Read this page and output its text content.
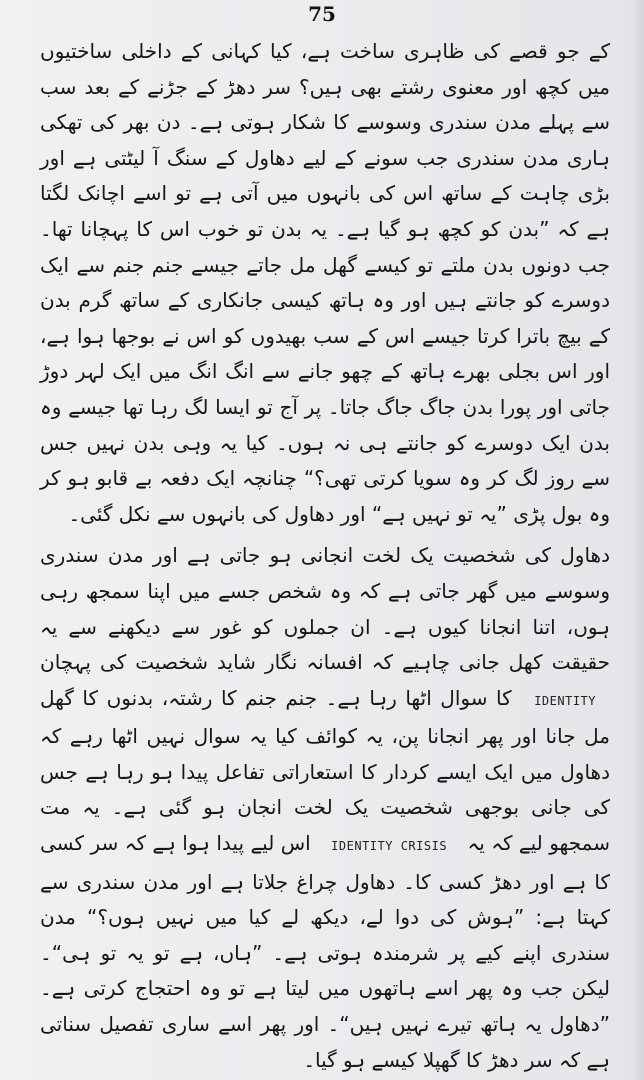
75

کے جو قصے کی ظاہری ساخت ہے، کیا کہانی کے داخلی ساختیوں میں کچھ اور معنوی رشتے بھی ہیں؟ سر دھڑ کے جڑنے کے بعد سب سے پہلے مدن سندری وسوسے کا شکار ہوتی ہے۔ دن بھر کی تھکی ہاری مدن سندری جب سونے کے لیے دھاول کے سنگ آ لیٹتی ہے اور بڑی چاہت کے ساتھ اس کی بانہوں میں آتی ہے تو اسے اچانک لگتا ہے کہ ”بدن کو کچھ ہو گیا ہے۔ یہ بدن تو خوب اس کا پہچانا تھا۔ جب دونوں بدن ملتے تو کیسے گھل مل جاتے جیسے جنم جنم سے ایک دوسرے کو جانتے ہیں اور وہ ہاتھ کیسی جانکاری کے ساتھ گرم بدن کے بیچ باترا کرتا جیسے اس کے سب بھیدوں کو اس نے بوجھا ہوا ہے، اور اس بجلی بھرے ہاتھ کے چھو جانے سے انگ انگ میں ایک لہر دوڑ جاتی اور پورا بدن جاگ جاگ جاتا۔ پر آج تو ایسا لگ رہا تھا جیسے وہ بدن ایک دوسرے کو جانتے ہی نہ ہوں۔ کیا یہ وہی بدن نہیں جس سے روز لگ کر وہ سویا کرتی تھی؟“ چنانچہ ایک دفعہ بے قابو ہو کر وہ بول پڑی ”یہ تو نہیں ہے“ اور دھاول کی بانہوں سے نکل گئی۔

دھاول کی شخصیت یک لخت انجانی ہو جاتی ہے اور مدن سندری وسوسے میں گھر جاتی ہے کہ وہ شخص جسے میں اپنا سمجھ رہی ہوں، اتنا انجانا کیوں ہے۔ ان جملوں کو غور سے دیکھنے سے یہ حقیقت کھل جانی چاہیے کہ افسانہ نگار شاید شخصیت کی پہچان IDENTITY کا سوال اٹھا رہا ہے۔ جنم جنم کا رشتہ، بدنوں کا گھل مل جانا اور پھر انجانا پن، یہ کوائف کیا یہ سوال نہیں اٹھا رہے کہ دھاول میں ایک ایسے کردار کا استعاراتی تفاعل پیدا ہو رہا ہے جس کی جانی بوجھی شخصیت یک لخت انجان ہو گئی ہے۔ یہ مت سمجھو لیے کہ یہ IDENTITY CRISIS اس لیے پیدا ہوا ہے کہ سر کسی کا ہے اور دھڑ کسی کا۔ دھاول چراغ جلاتا ہے اور مدن سندری سے کہتا ہے: ”ہوش کی دوا لے، دیکھ لے کیا میں نہیں ہوں؟“ مدن سندری اپنے کیے پر شرمندہ ہوتی ہے۔ ”ہاں، ہے تو یہ تو ہی“۔ لیکن جب وہ پھر اسے ہاتھوں میں لیتا ہے تو وہ احتجاج کرتی ہے۔ ”دھاول یہ ہاتھ تیرے نہیں ہیں“۔ اور پھر اسے ساری تفصیل سناتی ہے کہ سر دھڑ کا گھپلا کیسے ہو گیا۔
